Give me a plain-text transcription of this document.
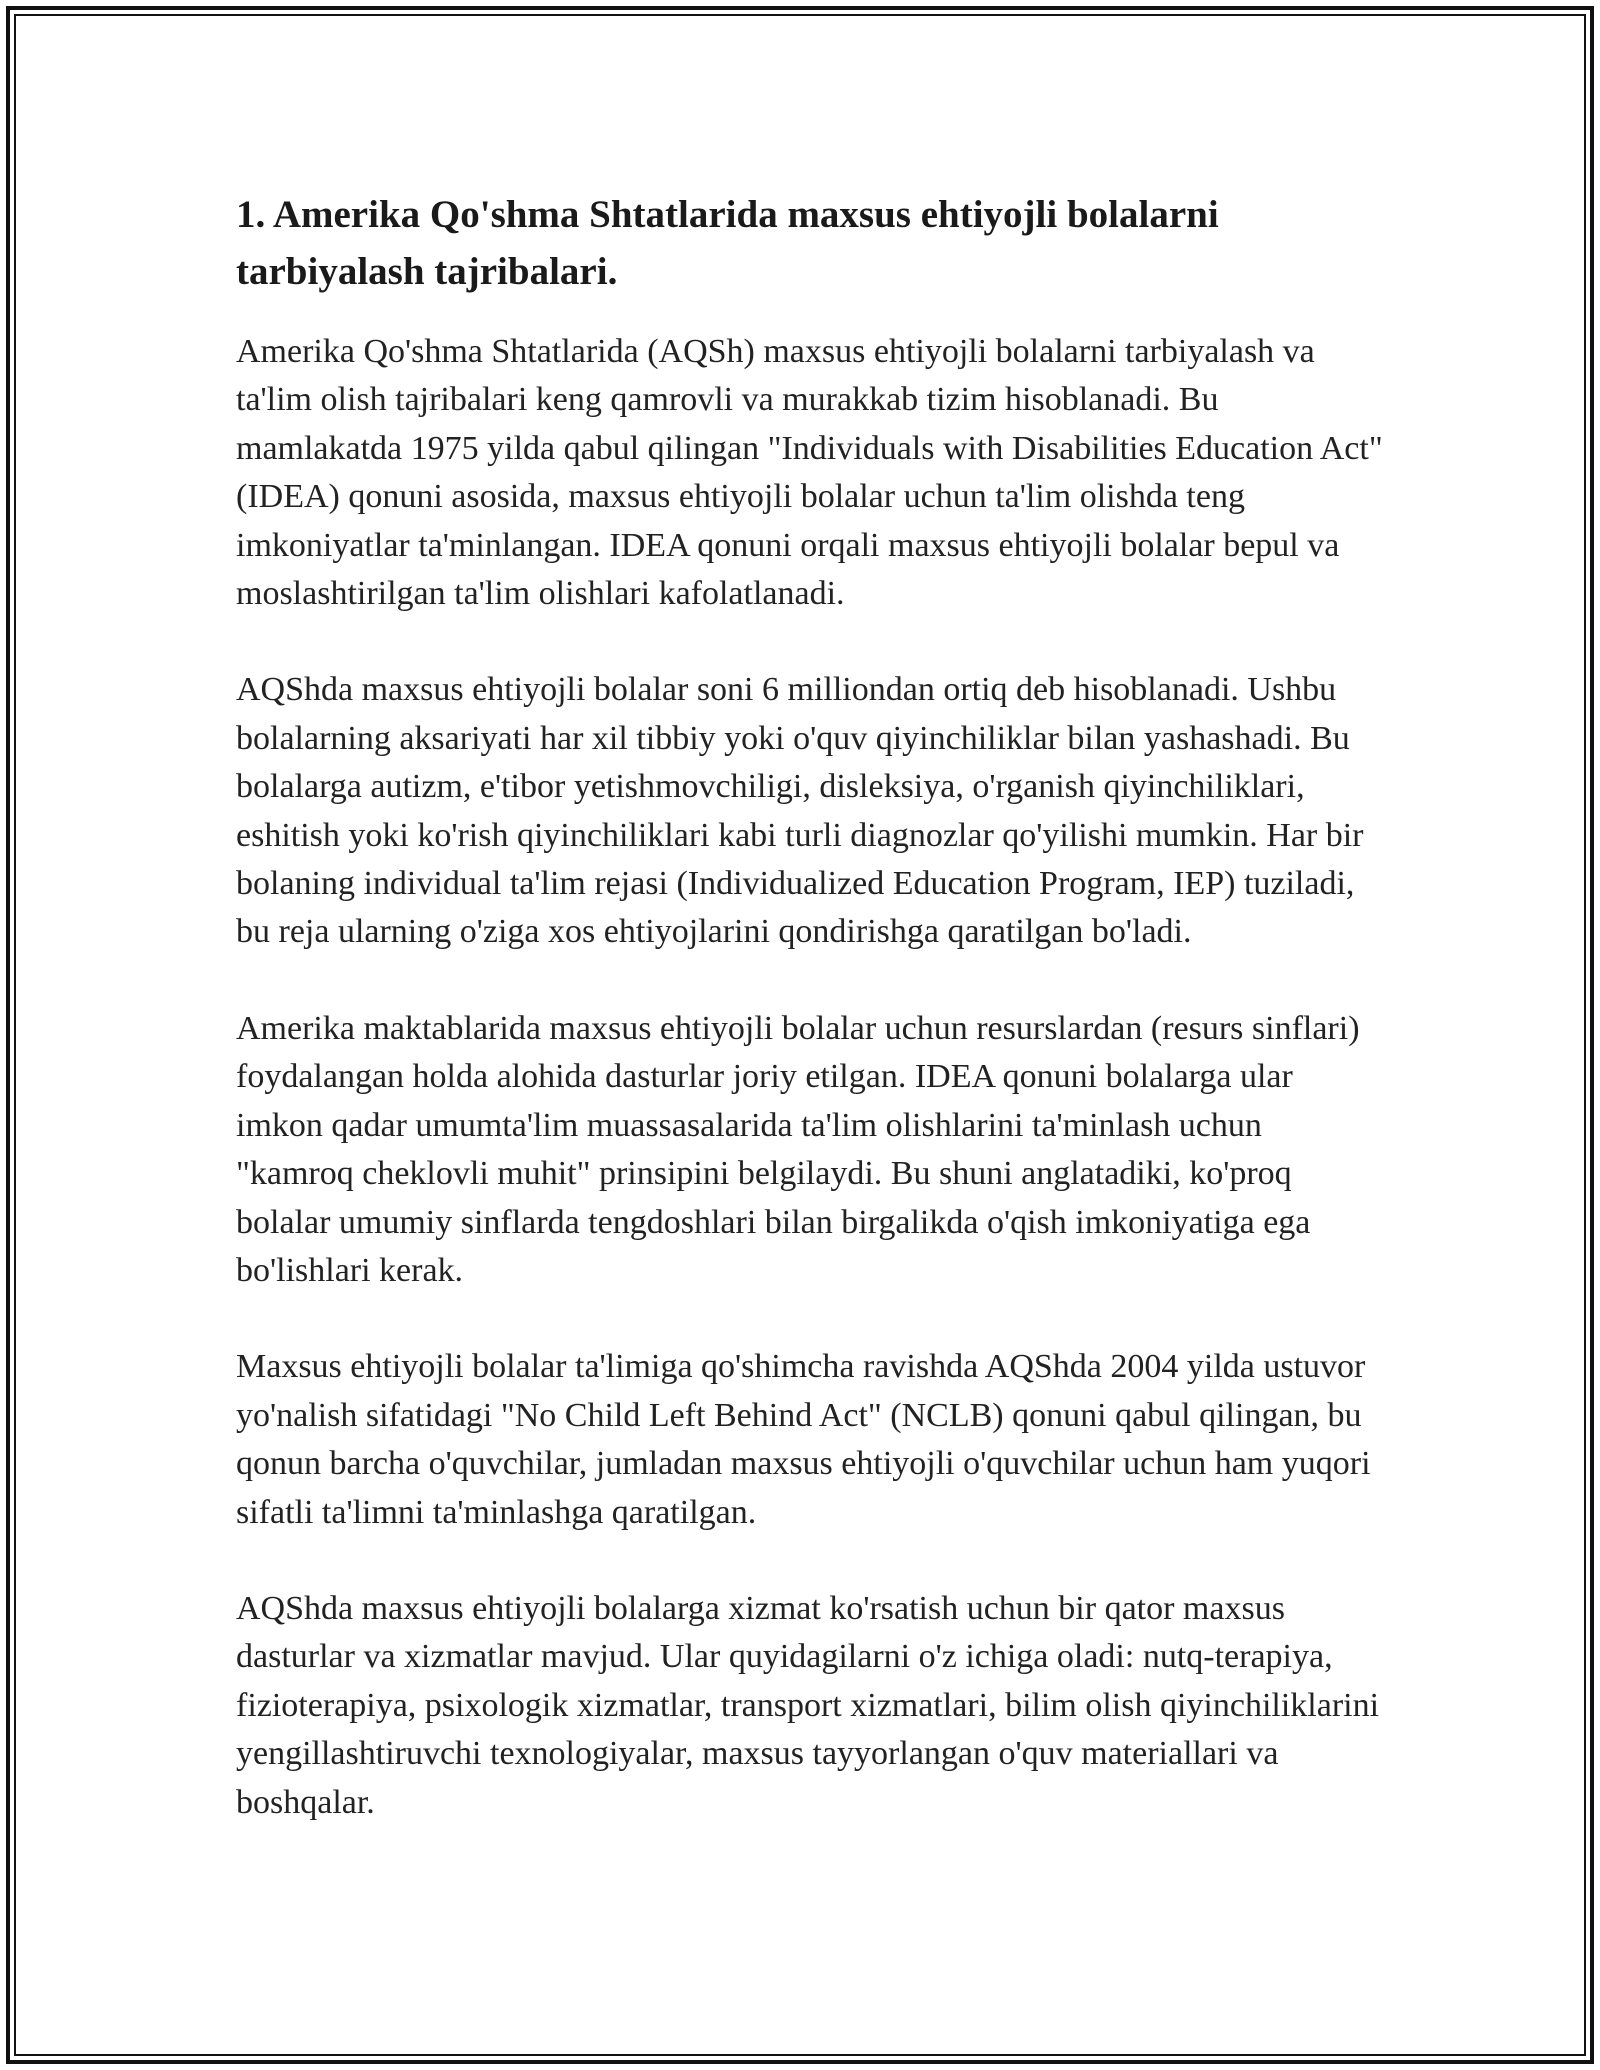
1. Amerika Qo'shma Shtatlarida maxsus ehtiyojli bolalarni tarbiyalash tajribalari.

Amerika Qo'shma Shtatlarida (AQSh) maxsus ehtiyojli bolalarni tarbiyalash va ta'lim olish tajribalari keng qamrovli va murakkab tizim hisoblanadi. Bu mamlakatda 1975 yilda qabul qilingan "Individuals with Disabilities Education Act" (IDEA) qonuni asosida, maxsus ehtiyojli bolalar uchun ta'lim olishda teng imkoniyatlar ta'minlangan. IDEA qonuni orqali maxsus ehtiyojli bolalar bepul va moslashtirilgan ta'lim olishlari kafolatlanadi.

AQShda maxsus ehtiyojli bolalar soni 6 milliondan ortiq deb hisoblanadi. Ushbu bolalarning aksariyati har xil tibbiy yoki o'quv qiyinchiliklar bilan yashashadi. Bu bolalarga autizm, e'tibor yetishmovchiligi, disleksiya, o'rganish qiyinchiliklari, eshitish yoki ko'rish qiyinchiliklari kabi turli diagnozlar qo'yilishi mumkin. Har bir bolaning individual ta'lim rejasi (Individualized Education Program, IEP) tuziladi, bu reja ularning o'ziga xos ehtiyojlarini qondirishga qaratilgan bo'ladi.

Amerika maktablarida maxsus ehtiyojli bolalar uchun resurslardan (resurs sinflari) foydalangan holda alohida dasturlar joriy etilgan. IDEA qonuni bolalarga ular imkon qadar umumta'lim muassasalarida ta'lim olishlarini ta'minlash uchun "kamroq cheklovli muhit" prinsipini belgilaydi. Bu shuni anglatadiki, ko'proq bolalar umumiy sinflarda tengdoshlari bilan birgalikda o'qish imkoniyatiga ega bo'lishlari kerak.

Maxsus ehtiyojli bolalar ta'limiga qo'shimcha ravishda AQShda 2004 yilda ustuvor yo'nalish sifatidagi "No Child Left Behind Act" (NCLB) qonuni qabul qilingan, bu qonun barcha o'quvchilar, jumladan maxsus ehtiyojli o'quvchilar uchun ham yuqori sifatli ta'limni ta'minlashga qaratilgan.

AQShda maxsus ehtiyojli bolalarga xizmat ko'rsatish uchun bir qator maxsus dasturlar va xizmatlar mavjud. Ular quyidagilarni o'z ichiga oladi: nutq-terapiya, fizioterapiya, psixologik xizmatlar, transport xizmatlari, bilim olish qiyinchiliklarini yengillashtiruvchi texnologiyalar, maxsus tayyorlangan o'quv materiallari va boshqalar.
